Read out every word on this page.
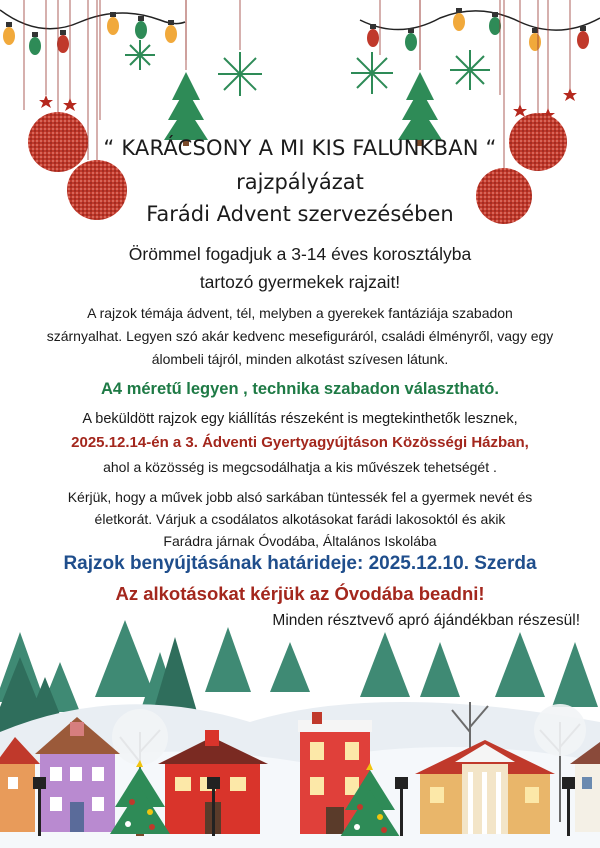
“ KARÁCSONY A MI KIS FALUNKBAN “
rajzpályázat
Farádi Advent szervezésében
Örömmel fogadjuk a 3-14 éves korosztályba
tartozó gyermekek rajzait!
A rajzok témája ádvent, tél, melyben a gyerekek fantáziája szabadon
szárnyalhat. Legyen szó akár kedvenc mesefiguráról, családi élményről, vagy egy
álombeli tájról, minden alkotást szívesen látunk.
A4 méretű legyen , technika szabadon választható.
A beküldött rajzok egy kiállítás részeként is megtekinthetők lesznek,
2025.12.14-én a 3. Ádventi Gyertyagyújtáson Közösségi Házban,
ahol a közösség is megcsodálhatja a kis művészek tehetségét .
Kérjük, hogy a művek jobb alsó sarkában tüntessék fel a gyermek nevét és
életkorát. Várjuk a csodálatos alkotásokat farádi lakosoktól és akik
Farádra járnak Óvodába, Általános Iskolába
Rajzok benyújtásának határideje: 2025.12.10. Szerda
Az alkotásokat kérjük az Óvodába beadni!
Minden résztvevő apró ájándékban részesül!
